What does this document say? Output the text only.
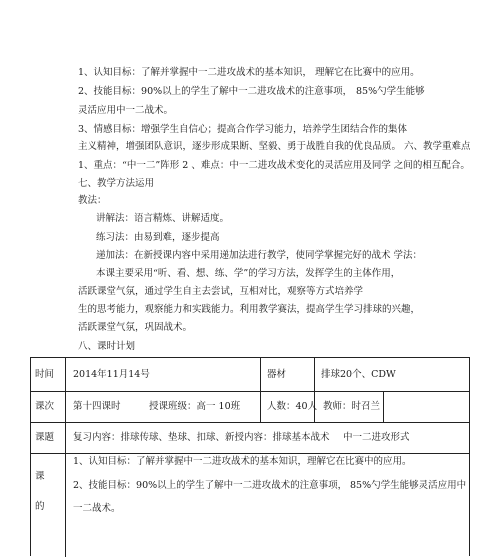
1、认知目标：了解并掌握中一二进攻战术的基本知识， 理解它在比赛中的应用。
2、技能目标：90%以上的学生了解中一二进攻战术的注意事项， 85%勺学生能够
灵活应用中一二战术。
3、情感目标：增强学生自信心；提高合作学习能力，培养学生团结合作的集体
主义精神，增强团队意识，逐步形成果断、坚毅、勇于战胜自我的优良品质。 六、教学重难点
1、重点：“中一二”阵形 2 、难点：中一二进攻战术变化的灵活应用及同学 之间的相互配合。
七、教学方法运用
教法：
讲解法：语言精炼、讲解适度。
练习法：由易到难，逐步提高
递加法：在新授课内容中采用递加法进行教学，使同学掌握完好的战术 学法：
本课主要采用“听、看、想、练、学”的学习方法，发挥学生的主体作用，
活跃课堂气氛，通过学生自主去尝试，互相对比，观察等方式培养学
生的思考能力，观察能力和实践能力。利用教学赛法，提高学生学习排球的兴趣，
活跃课堂气氛，巩固战术。
八、课时计划
时间 2014年11月14号	器材	排球20个、CDW
课次 第十四课时	授课班级：高一 10班	人数：40人 教师：时召兰
课题 复习内容：排球传球、垫球、扣球、新授内容：排球基本战术 中一二进攻形式
课
的
1、认知目标：了解并掌握中一二进攻战术的基本知识，理解它在比赛中的应用。
2、技能目标：90%以上的学生了解中一二进攻战术的注意事项， 85%勺学生能够灵活应用中
一二战术。
